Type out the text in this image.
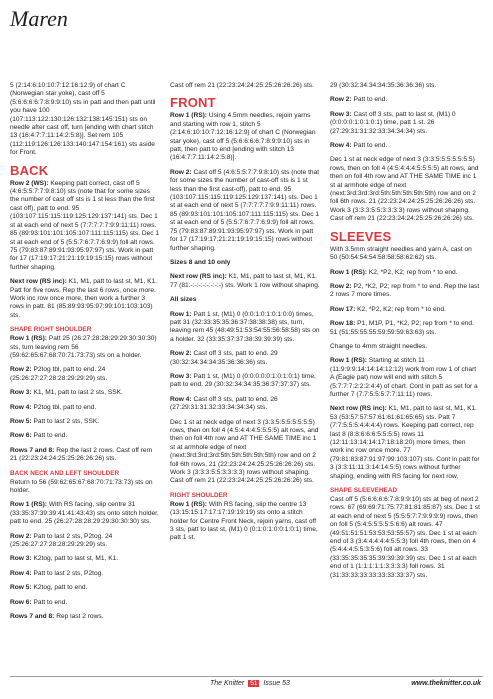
Maren

5 (2:14:6:10:10:7:12:16:12:9) of chart C (Norwegian star yoke), cast off 5 (5:6:6:6:6:7:8:9:9:10) sts in patt and then patt until you have 100 (107:113:122:130:126:132:138:145:151) sts on needle after cast off, turn [ending with chart stitch 13 (16:4:7:7:11:14:2:5:8)]. Set rem 105 (112:119:126:126:133:140:147:154:161) sts aside for Front.

BACK

Row 2 (WS): Keeping patt correct, cast off 5 (4:6:5:5:7:7:9:8:10) sts (note that for some sizes the number of cast off sts is 1 st less than the first cast off), patt to end. 95 (103:107:115:115:119:125:129:137:141) sts. Dec 1 st at each end of next 5 (7:7:7:7:7:9:9:11:11) rows. 85 (89:93:101:101:105:107:111:115:115) sts. Dec 1 st at each end of 5 (5:5:7:6:7:7:6:9:9) foll alt rows. 75 (79:83:87:89:91:93:95:97:97) sts. Work in patt for 17 (17:19:17:21:21:19:19:15:15) rows without further shaping.

Next row (RS inc): K1, M1, patt to last st, M1, K1. Patt for five rows. Rep the last 6 rows, once more. Work inc row once more, then work a further 3 rows in patt. 81 (85:89:93:95:97:99:101:103:103) sts.

SHAPE RIGHT SHOULDER

Row 1 (RS): Patt 25 (26:27:28:28:29:29:30:30:30) sts, turn leaving rem 56 (59:62:65:67:68:70:71:73:73) sts on a holder.

Row 2: P2tog tbl, patt to end. 24 (25:26:27:27:28:28:29:29:29) sts.

Row 3: K1, M1, patt to last 2 sts, SSK.

Row 4: P2tog tbl, patt to end.

Row 5: Patt to last 2 sts, SSK.

Row 6: Patt to end.

Rows 7 and 8: Rep the last 2 rows. Cast off rem 21 (22:23:24:24:25:25:26:26:26) sts.

BACK NECK AND LEFT SHOULDER

Return to 56 (59:62:65:67:68:70:71:73:73) sts on holder.

Row 1 (RS): With RS facing, slip centre 31 (33:35:37:39:39:41:41:43:43) sts onto stitch holder, patt to end. 25 (26:27:28:28:29:29:30:30:30) sts.

Row 2: Patt to last 2 sts, P2tog. 24 (25:26:27:27:28:28:29:29:29) sts.

Row 3: K2tog, patt to last st, M1, K1.

Row 4: Patt to last 2 sts, P2tog.

Row 5: K2tog, patt to end.

Row 6: Patt to end.

Rows 7 and 8: Rep last 2 rows.

Cast off rem 21 (22:23:24:24:25:25:26:26:26) sts.

FRONT

Row 1 (RS): Using 4.5mm needles, rejoin yarns and starting with row 1, stitch 5 (2:14:6:10:10:7:12:16:12:9) of chart C (Norwegian star yoke), cast off 5 (5:6:6:6:6:7:8:9:9:10) sts in patt, then patt to end [ending with stitch 13 (16:4:7:7:11:14:2:5:8)].

Row 2: Cast off 5 (4:6:5:5:7:7:9:8:10) sts (note that for some sizes the number of cast-off sts is 1 st less than the first cast-off), patt to end. 95 (103:107:115:115:119:125:129:137:141) sts. Dec 1 st at each end of next 5 (7:7:7:7:7:9:9:11:11) rows. 85 (89:93:101:101:105:107:111:115:115) sts. Dec 1 st at each end of 5 (5:5:7:6:7:7:6:9:9) foll alt rows. 75 (79:83:87:89:91:93:95:97:97) sts. Work in patt for 17 (17:19:17:21:21:19:19:15:15) rows without further shaping.

Sizes 8 and 10 only

Next row (RS inc): K1, M1, patt to last st, M1, K1. 77 (81:-:-:-:-:-:-:-:-) sts. Work 1 row without shaping.

All sizes

Row 1: Patt 1 st, (M1) 0 (0:0:1:0:1:0:1:0:0) times, patt 31 (32:33:35:35:36:37:38:38:38) sts, turn, leaving rem 45 (48:49:51:53:54:55:56:58:58) sts on a holder. 32 (33:35:37:37:38:39:39:39) sts.

Row 2: Cast off 3 sts, patt to end. 29 (30:32:34:34:34:35:36:36:36) sts.

Row 3: Patt 1 st, (M1) 0 (0:0:0:0:0:1:0:1:0:1) time, patt to end. 29 (30:32:34:34:35:36:37:37:37) sts.

Row 4: Cast off 3 sts, patt to end. 26 (27:29:31:31:32:33:34:34:34) sts.

Dec 1 st at neck edge of next 3 (3:3:5:5:5:5:5:5:5) rows, then on foll 4 (4:5:4:4:4:5:5:5:5) alt rows, and then on foll 4th row and AT THE SAME TIME inc 1 st at armhole edge of next (next:3rd:3rd:3rd:5th:5th:5th:5th:5th) row and on 2 foll 6th rows. 21 (22:23:24:24:25:25:26:26:26) sts. Work 3 (3:3:3:5:5:3:3:3:3) rows without shaping. Cast off rem 21 (22:23:24:24:25:25:26:26:26) sts.

RIGHT SHOULDER

Row 1 (RS): With RS facing, slip the centre 13 (13:15:15:17:17:17:19:19:19) sts onto a stitch holder for Centre Front Neck, rejoin yarns, cast off 3 sts, patt to last st, (M1) 0 (0:1:0:1:0:0:1:0:1) time, patt 1 st.

29 (30:32:34:34:34:35:36:36:36) sts.

Row 2: Patt to end.

Row 3: Cast off 3 sts, patt to last st, (M1) 0 (0:0:0:0:1:0:1:0:1) time, patt 1 st. 26 (27:29:31:31:32:33:34:34:34) sts.

Row 4: Patt to end.

Dec 1 st at neck edge of next 3 (3:3:5:5:5:5:5:5:5) rows, then on foll 4 (4:5:4:4:4:5:5:5:5) alt rows, and then on foll 4th row and AT THE SAME TIME inc 1 st at armhole edge of next (next:3rd:3rd:3rd:5th:5th:5th:5th:5th) row and on 2 foll 6th rows. 21 (22:23:24:24:25:25:26:26:26) sts. Work 3 (3:3:3:5:5:3:3:3:3) rows without shaping. Cast off rem 21 (22:23:24:24:25:25:26:26:26) sts.

SLEEVES

With 3.5mm straight needles and yarn A, cast on 50 (50:54:54:54:58:58:58:62:62) sts.

Row 1 (RS): K2, *P2, K2; rep from * to end.

Row 2: P2, *K2, P2; rep from * to end. Rep the last 2 rows 7 more times.

Row 17: K2, *P2, K2; rep from * to end.

Row 18: P1, M1P, P1, *K2, P2; rep from * to end. 51 (51:55:55:55:59:59:59:63:63) sts.

Change to 4mm straight needles.

Row 1 (RS): Starting at stitch 11 (11:9:9:9:14:14:14:12:12) work from row 1 of chart A (Eagle pat) now will end with stitch 5 (5:7:7:7:2:2:2:4:4) of chart. Cont in patt as set for a further 7 (7:7:5:5:5:7:7:11:11) rows.

Next row (RS inc): K1, M1, patt to last st, M1, K1. 53 (53:57:57:57:61:61:61:65:65) sts. Patt 7 (7:7:5:5:5:4:4:4:4) rows. Keeping patt correct, rep last 8 (8:8:6:6:6:5:5:5:5) rows 11 (12:11:13:14:14:17:18:18:20) more times, then work inc row once more. 77 (79:81:83:87:91:97:99:103:107) sts. Cont in patt for 3 (3:3:11:11:3:14:14:5:5) rows without further shaping, ending with RS facing for next row.

SHAPE SLEEVEHEAD

Cast off 5 (5:6:6:6:6:7:8:9:9:10) sts at beg of next 2 rows. 67 (69:69:71:75:77:81:81:85:87) sts. Dec 1 st at each end of next 5 (5:5:5:7:7:9:9:9:9) rows, then on foll 5 (5:4:5:5:5:5:5:6:6) alt rows. 47 (49:51:51:51:53:53:53:55:57) sts. Dec 1 st at each end of 3 (3:4:4:4:4:4:5:5:3) foll 4th rows, then on 4 (5:4:4:4:5:5:3:5:6) foll alt rows. 33 (33:35:35:35:35:39:39:39:39) sts. Dec 1 st at each end of 1 (1:1:1:1:1:3:3:3:3) foll rows. 31 (31:33:33:33:33:33:33:33:37) sts.

The Knitter 51 Issue 53	www.theknitter.co.uk
